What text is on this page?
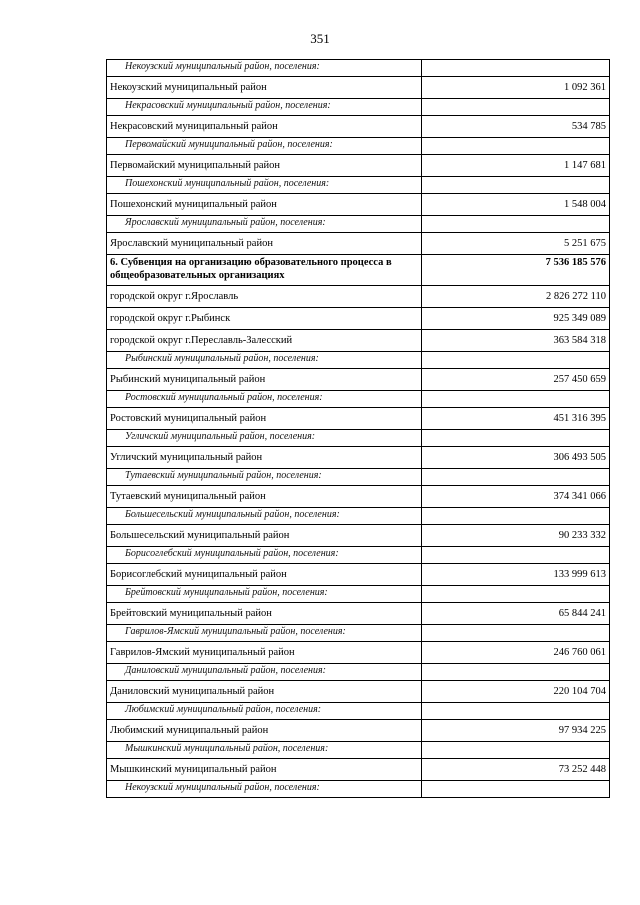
351
Некоузский муниципальный район, поселения:	
Некоузский муниципальный район	1 092 361
Некрасовский муниципальный район, поселения:	
Некрасовский муниципальный район	534 785
Первомайский муниципальный район, поселения:	
Первомайский муниципальный район	1 147 681
Пошехонский муниципальный район, поселения:	
Пошехонский муниципальный район	1 548 004
Ярославский муниципальный район, поселения:	
Ярославский муниципальный район	5 251 675
6. Субвенция на организацию образовательного процесса в общеобразовательных организациях	7 536 185 576
городской округ г.Ярославль	2 826 272 110
городской округ г.Рыбинск	925 349 089
городской округ г.Переславль-Залесский	363 584 318
Рыбинский муниципальный район, поселения:	
Рыбинский муниципальный район	257 450 659
Ростовский муниципальный район, поселения:	
Ростовский муниципальный район	451 316 395
Угличский муниципальный район, поселения:	
Угличский муниципальный район	306 493 505
Тутаевский муниципальный район, поселения:	
Тутаевский муниципальный район	374 341 066
Большесельский муниципальный район, поселения:	
Большесельский муниципальный район	90 233 332
Борисоглебский муниципальный район, поселения:	
Борисоглебский муниципальный район	133 999 613
Брейтовский муниципальный район, поселения:	
Брейтовский муниципальный район	65 844 241
Гаврилов-Ямский муниципальный район, поселения:	
Гаврилов-Ямский муниципальный район	246 760 061
Даниловский муниципальный район, поселения:	
Даниловский муниципальный район	220 104 704
Любимский муниципальный район, поселения:	
Любимский муниципальный район	97 934 225
Мышкинский муниципальный район, поселения:	
Мышкинский муниципальный район	73 252 448
Некоузский муниципальный район, поселения:	
